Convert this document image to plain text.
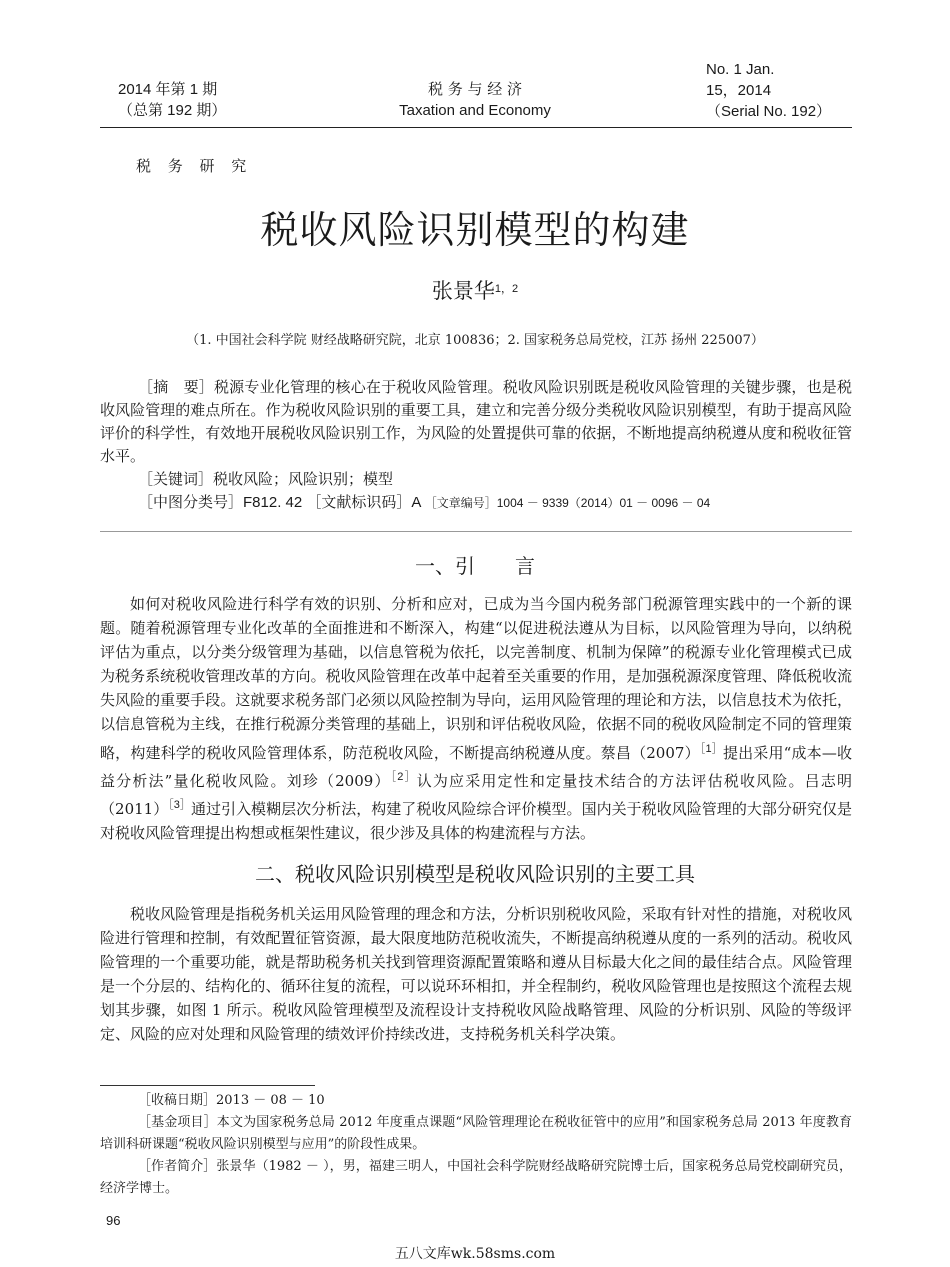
2014 年第 1 期
（总第 192 期）
税 务 与 经 济
Taxation and Economy
No. 1 Jan.
15，2014
（Serial No. 192）
税 务 研 究
税收风险识别模型的构建
张景华$^{1,2}$
（1. 中国社会科学院 财经战略研究院，北京 100836；2. 国家税务总局党校，江苏 扬州 225007）

［摘　要］税源专业化管理的核心在于税收风险管理。税收风险识别既是税收风险管理的关键步骤，也是税收风险管理的难点所在。作为税收风险识别的重要工具，建立和完善分级分类税收风险识别模型，有助于提高风险评价的科学性，有效地开展税收风险识别工作，为风险的处置提供可靠的依据，不断地提高纳税遵从度和税收征管水平。

［关键词］税收风险；风险识别；模型
［中图分类号］F812. 42 ［文献标识码］A ［文章编号］1004 － 9339（2014）01 － 0096 － 04
一、引　　言

如何对税收风险进行科学有效的识别、分析和应对，已成为当今国内税务部门税源管理实践中的一个新的课题。随着税源管理专业化改革的全面推进和不断深入，构建“以促进税法遵从为目标，以风险管理为导向，以纳税评估为重点，以分类分级管理为基础，以信息管税为依托，以完善制度、机制为保障”的税源专业化管理模式已成为税务系统税收管理改革的方向。税收风险管理在改革中起着至关重要的作用，是加强税源深度管理、降低税收流失风险的重要手段。这就要求税务部门必须以风险控制为导向，运用风险管理的理论和方法，以信息技术为依托，以信息管税为主线，在推行税源分类管理的基础上，识别和评估税收风险，依据不同的税收风险制定不同的管理策略，构建科学的税收风险管理体系，防范税收风险，不断提高纳税遵从度。蔡昌$(2007)^{[1]}$提出采用“成本—收益分析法”量化税收风险。刘珍$(2009)^{[2]}$认为应采用定性和定量技术结合的方法评估税收风险。吕志明$(2011)^{[3]}$通过引入模糊层次分析法，构建了税收风险综合评价模型。国内关于税收风险管理的大部分研究仅是对税收风险管理提出构想或框架性建议，很少涉及具体的构建流程与方法。

二、税收风险识别模型是税收风险识别的主要工具

税收风险管理是指税务机关运用风险管理的理念和方法，分析识别税收风险，采取有针对性的措施，对税收风险进行管理和控制，有效配置征管资源，最大限度地防范税收流失，不断提高纳税遵从度的一系列的活动。税收风险管理的一个重要功能，就是帮助税务机关找到管理资源配置策略和遵从目标最大化之间的最佳结合点。风险管理是一个分层的、结构化的、循环往复的流程，可以说环环相扣，并全程制约，税收风险管理也是按照这个流程去规划其步骤，如图 1 所示。税收风险管理模型及流程设计支持税收风险战略管理、风险的分析识别、风险的等级评定、风险的应对处理和风险管理的绩效评价持续改进，支持税务机关科学决策。

［收稿日期］2013 － 08 － 10

［基金项目］本文为国家税务总局 2012 年度重点课题“风险管理理论在税收征管中的应用”和国家税务总局 2013 年度教育培训科研课题“税收风险识别模型与应用”的阶段性成果。

［作者简介］张景华（1982 － ），男，福建三明人，中国社会科学院财经战略研究院博士后，国家税务总局党校副研究员，经济学博士。

96
五八文库wk.58sms.com
